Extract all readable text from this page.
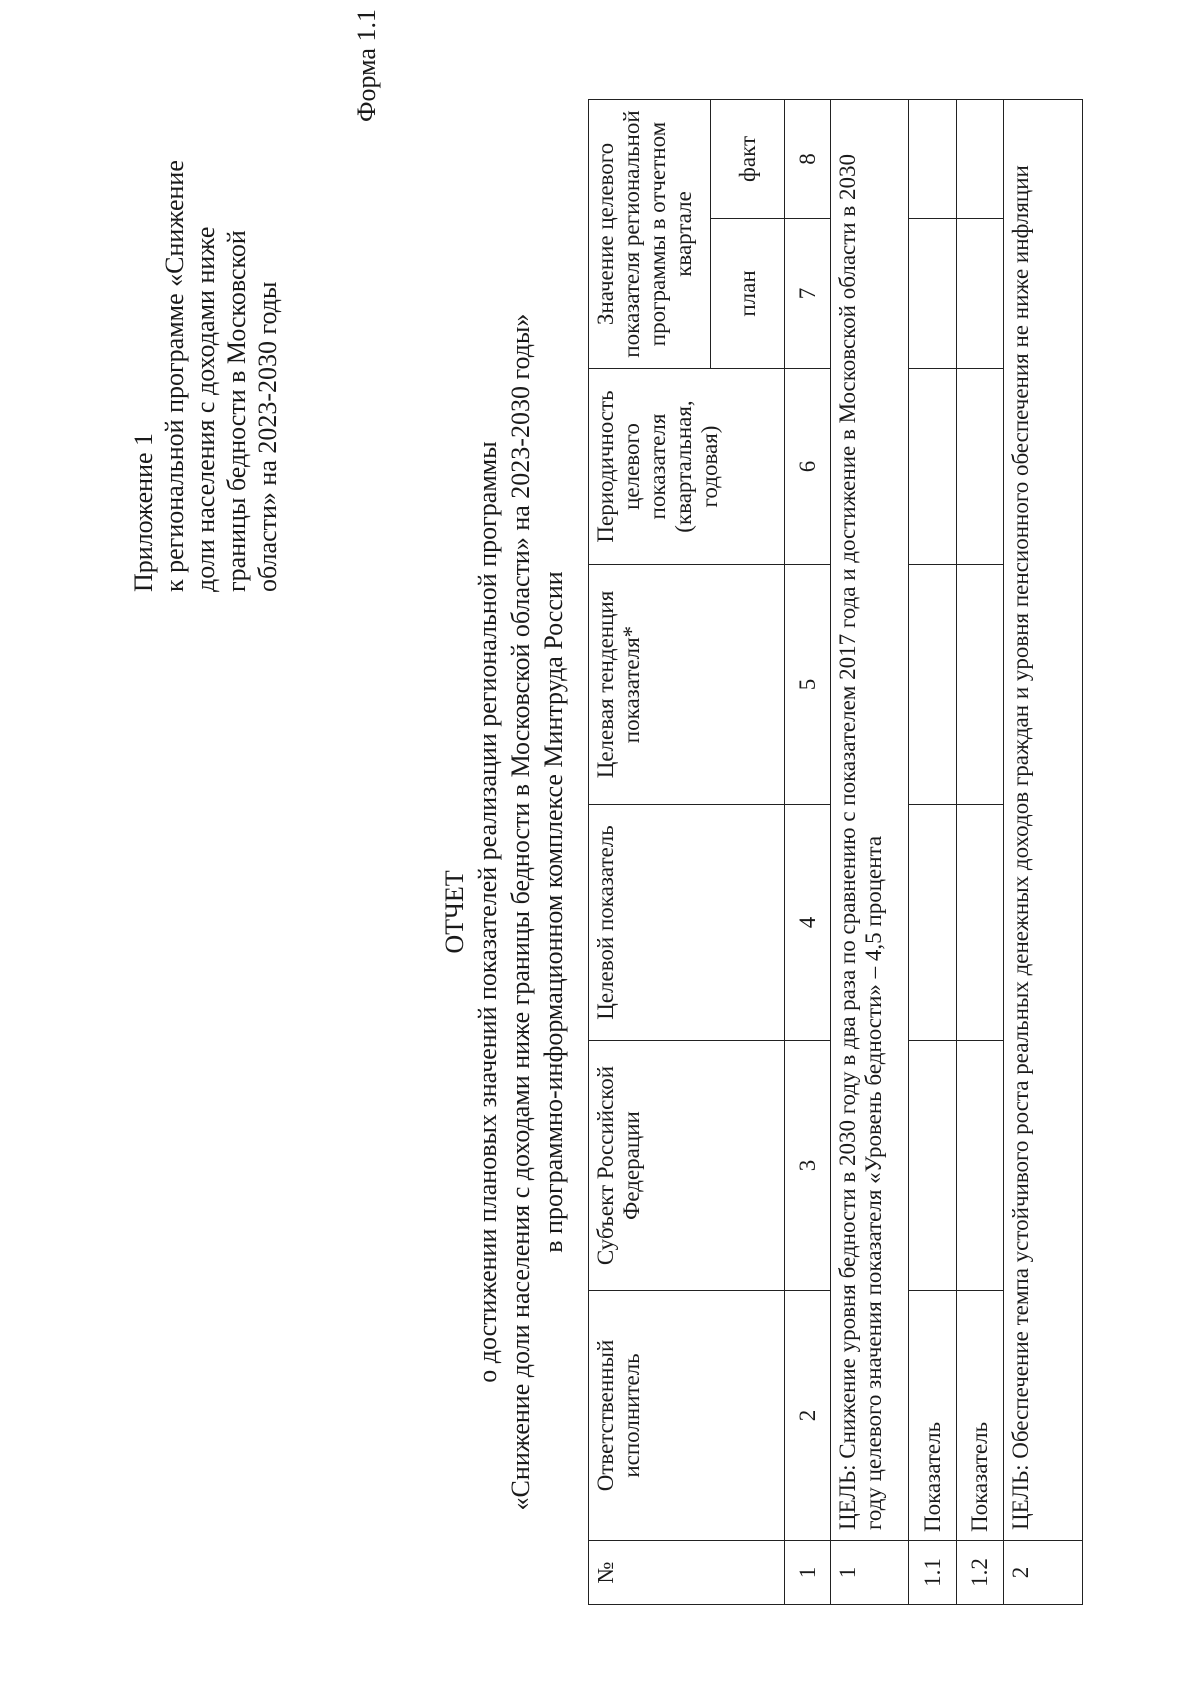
Приложение 1 к региональной программе «Снижение доли населения с доходами ниже границы бедности в Московской области» на 2023-2030 годы
Форма 1.1
ОТЧЕТ о достижении плановых значений показателей реализации региональной программы «Снижение доли населения с доходами ниже границы бедности в Московской области» на 2023-2030 годы» в программно-информационном комплексе Минтруда России
№	Ответственный исполнитель	Субъект Российской Федерации	Целевой показатель	Целевая тенденция показателя*	Периодичность целевого показателя (квартальная, годовая)	Значение целевого показателя региональной программы в отчетном квартале	
						план	факт
1	2	3	4	5	6	7	8
1	ЦЕЛЬ: Снижение уровня бедности в 2030 году в два раза по сравнению с показателем 2017 года и достижение в Московской области в 2030 году целевого значения показателя «Уровень бедности» – 4,5 процента						
1.1	Показатель						
1.2	Показатель						
2	ЦЕЛЬ: Обеспечение темпа устойчивого роста реальных денежных доходов граждан и уровня пенсионного обеспечения не ниже инфляции						
